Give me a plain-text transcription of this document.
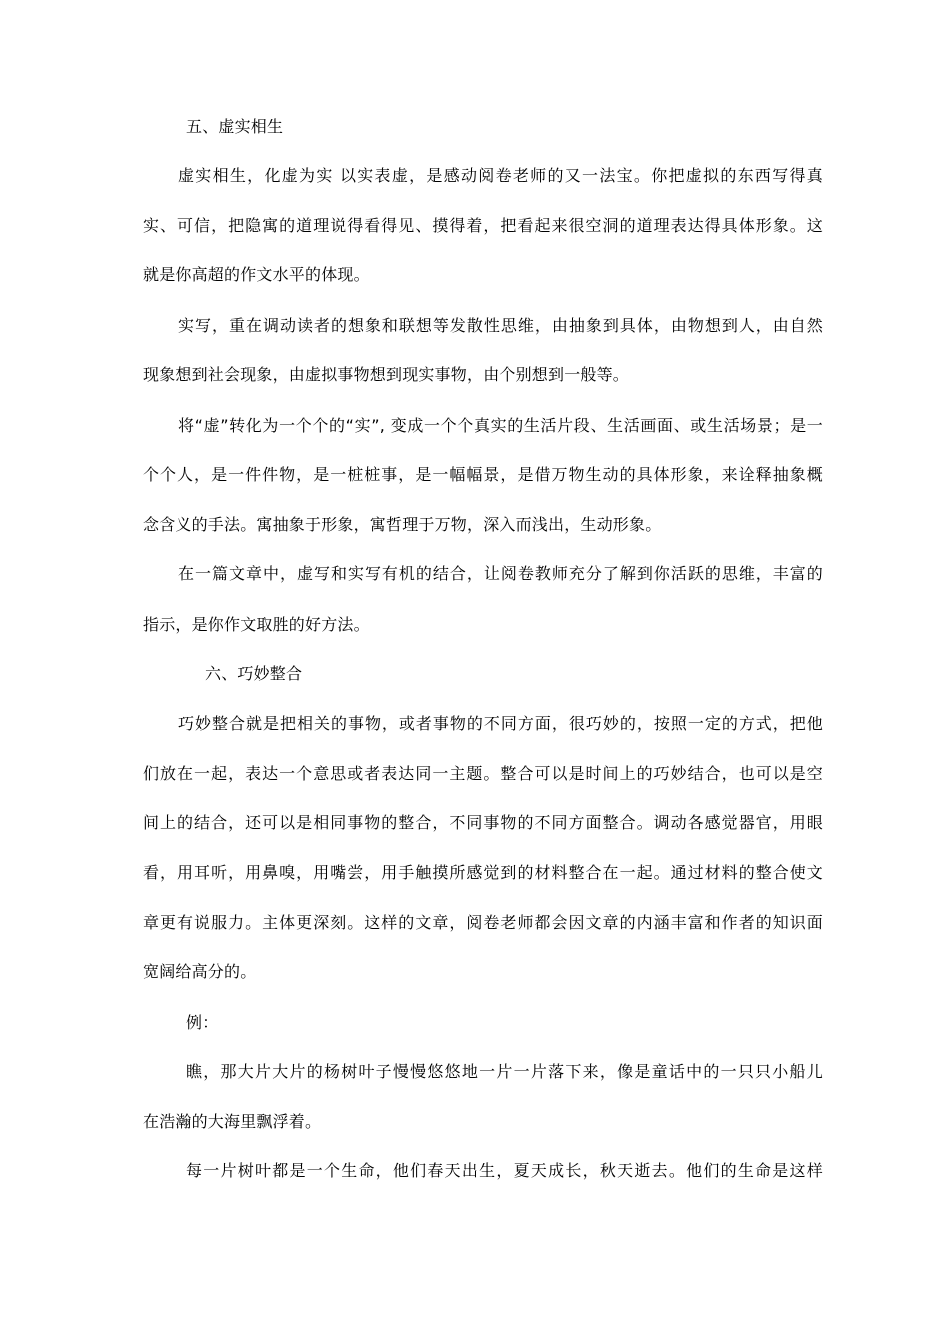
五、虚实相生
虚实相生，化虚为实 以实表虚，是感动阅卷老师的又一法宝。你把虚拟的东西写得真
实、可信，把隐寓的道理说得看得见、摸得着，把看起来很空洞的道理表达得具体形象。这
就是你高超的作文水平的体现。
实写，重在调动读者的想象和联想等发散性思维，由抽象到具体，由物想到人，由自然
现象想到社会现象，由虚拟事物想到现实事物，由个别想到一般等。
将“虚”转化为一个个的“实”, 变成一个个真实的生活片段、生活画面、或生活场景；是一
个个人，是一件件物，是一桩桩事，是一幅幅景，是借万物生动的具体形象，来诠释抽象概
念含义的手法。寓抽象于形象，寓哲理于万物，深入而浅出，生动形象。
在一篇文章中，虚写和实写有机的结合，让阅卷教师充分了解到你活跃的思维，丰富的
指示，是你作文取胜的好方法。
六、巧妙整合
巧妙整合就是把相关的事物，或者事物的不同方面，很巧妙的，按照一定的方式，把他
们放在一起，表达一个意思或者表达同一主题。整合可以是时间上的巧妙结合，也可以是空
间上的结合，还可以是相同事物的整合，不同事物的不同方面整合。调动各感觉器官，用眼
看，用耳听，用鼻嗅，用嘴尝，用手触摸所感觉到的材料整合在一起。通过材料的整合使文
章更有说服力。主体更深刻。这样的文章，阅卷老师都会因文章的内涵丰富和作者的知识面
宽阔给高分的。
例：
瞧，那大片大片的杨树叶子慢慢悠悠地一片一片落下来，像是童话中的一只只小船儿
在浩瀚的大海里飘浮着。
每一片树叶都是一个生命，他们春天出生，夏天成长，秋天逝去。他们的生命是这样
